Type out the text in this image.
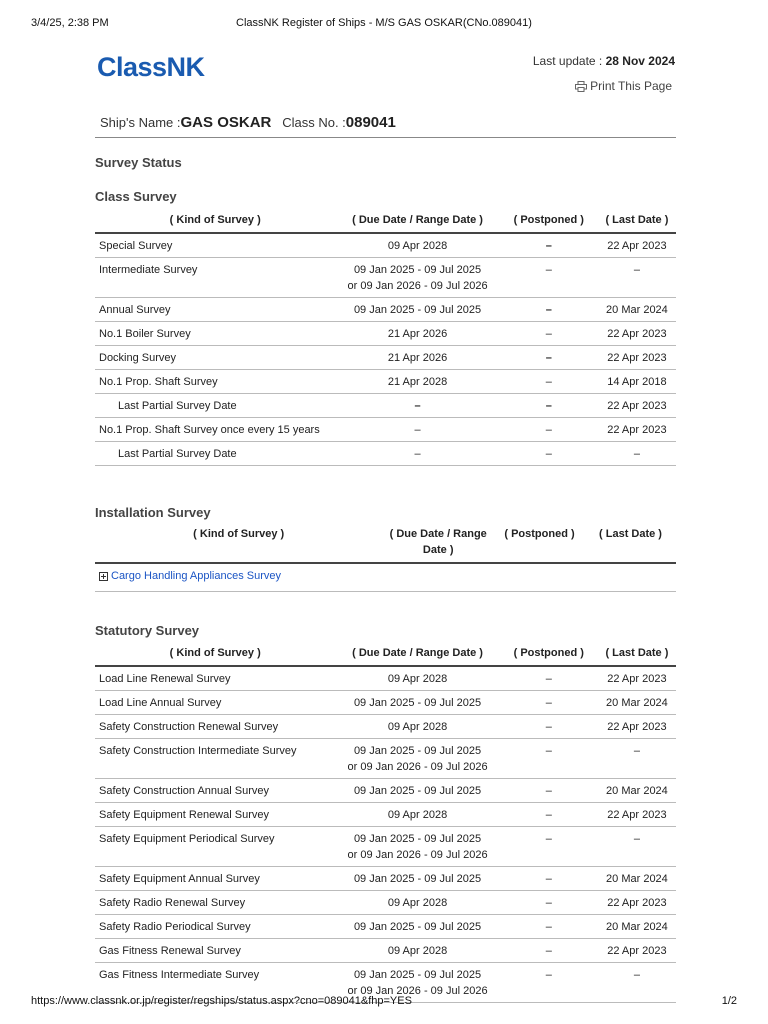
3/4/25, 2:38 PM	ClassNK Register of Ships - M/S GAS OSKAR(CNo.089041)
ClassNK	Last update : 28 Nov 2024
Print This Page
Ship's Name :GAS OSKAR Class No. :089041
Survey Status
Class Survey
( Kind of Survey )	( Due Date / Range Date )	( Postponed )	( Last Date )
Special Survey	09 Apr 2028	–	22 Apr 2023
Intermediate Survey	09 Jan 2025 - 09 Jul 2025
or 09 Jan 2026 - 09 Jul 2026	–	–
Annual Survey	09 Jan 2025 - 09 Jul 2025	–	20 Mar 2024
No.1 Boiler Survey	21 Apr 2026	–	22 Apr 2023
Docking Survey	21 Apr 2026	–	22 Apr 2023
No.1 Prop. Shaft Survey	21 Apr 2028	–	14 Apr 2018
Last Partial Survey Date	–	–	22 Apr 2023
No.1 Prop. Shaft Survey once every 15 years	–	–	22 Apr 2023
Last Partial Survey Date	–	–	–
Installation Survey
( Kind of Survey )	( Due Date / Range Date )	( Postponed )	( Last Date )

Cargo Handling Appliances Survey
Statutory Survey
( Kind of Survey )	( Due Date / Range Date )	( Postponed )	( Last Date )
Load Line Renewal Survey	09 Apr 2028	–	22 Apr 2023
Load Line Annual Survey	09 Jan 2025 - 09 Jul 2025	–	20 Mar 2024
Safety Construction Renewal Survey	09 Apr 2028	–	22 Apr 2023
Safety Construction Intermediate Survey	09 Jan 2025 - 09 Jul 2025
or 09 Jan 2026 - 09 Jul 2026	–	–
Safety Construction Annual Survey	09 Jan 2025 - 09 Jul 2025	–	20 Mar 2024
Safety Equipment Renewal Survey	09 Apr 2028	–	22 Apr 2023
Safety Equipment Periodical Survey	09 Jan 2025 - 09 Jul 2025
or 09 Jan 2026 - 09 Jul 2026	–	–
Safety Equipment Annual Survey	09 Jan 2025 - 09 Jul 2025	–	20 Mar 2024
Safety Radio Renewal Survey	09 Apr 2028	–	22 Apr 2023
Safety Radio Periodical Survey	09 Jan 2025 - 09 Jul 2025	–	20 Mar 2024
Gas Fitness Renewal Survey	09 Apr 2028	–	22 Apr 2023
Gas Fitness Intermediate Survey	09 Jan 2025 - 09 Jul 2025
or 09 Jan 2026 - 09 Jul 2026	–	–
https://www.classnk.or.jp/register/regships/status.aspx?cno=089041&fhp=YES	1/2
